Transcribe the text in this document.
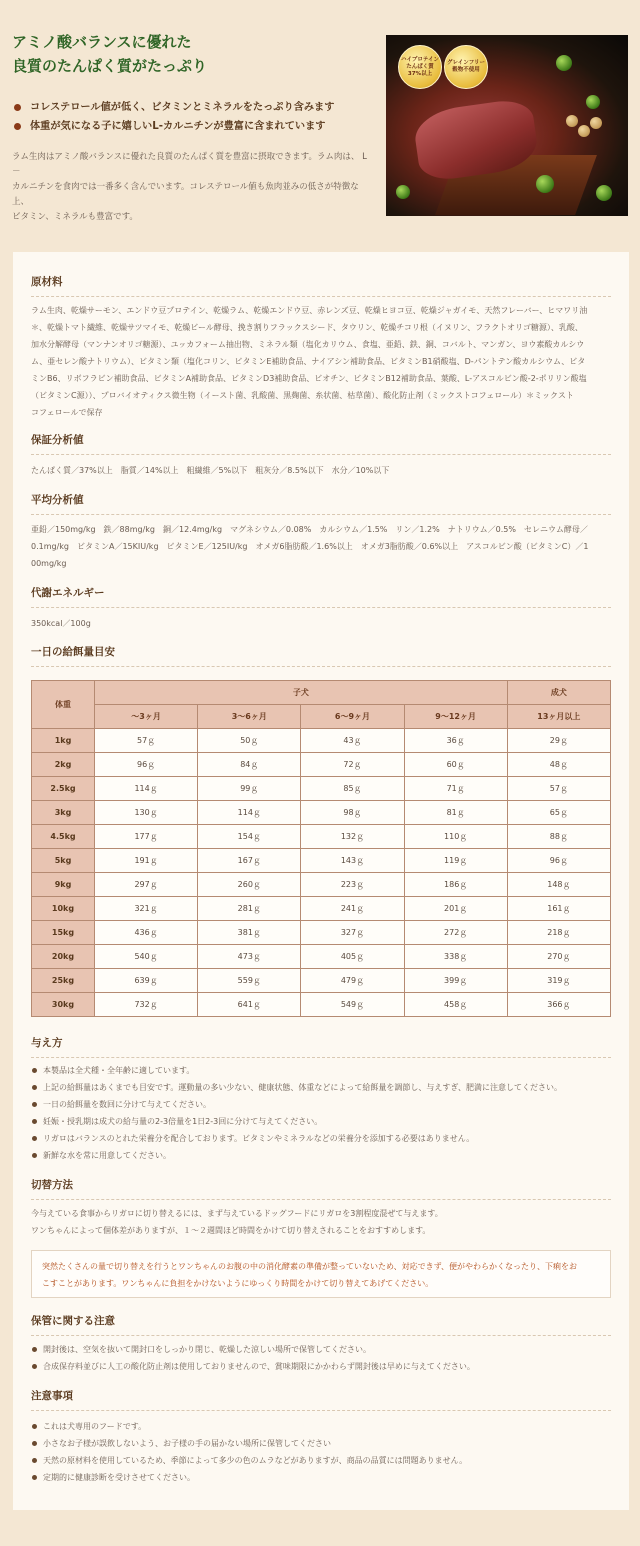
アミノ酸バランスに優れた
良質のたんぱく質がたっぷり
コレステロール値が低く、ビタミンとミネラルをたっぷり含みます
体重が気になる子に嬉しいL-カルニチンが豊富に含まれています
ラム生肉はアミノ酸バランスに優れた良質のたんぱく質を豊富に摂取できます。ラム肉は、 L－
カルニチンを食肉では一番多く含んでいます。コレステロール値も魚肉並みの低さが特徴な上、
ビタミン、ミネラルも豊富です。
ハイプロテイン たんぱく質 37%以上
グレインフリー 穀物不使用
原材料
ラム生肉、乾燥サーモン、エンドウ豆プロテイン、乾燥ラム、乾燥エンドウ豆、赤レンズ豆、乾燥ヒヨコ豆、乾燥ジャガイモ、天然フレーバー、ヒマワリ油
＊、乾燥トマト繊維、乾燥サツマイモ、乾燥ビール酵母、挽き割りフラックスシード、タウリン、乾燥チコリ根（イヌリン、フラクトオリゴ糖源）、乳酸、
加水分解酵母（マンナンオリゴ糖源）、ユッカフォーム抽出物、ミネラル類（塩化カリウム、食塩、亜鉛、鉄、銅、コバルト、マンガン、ヨウ素酸カルシウ
ム、亜セレン酸ナトリウム）、ビタミン類（塩化コリン、ビタミンE補助食品、ナイアシン補助食品、ビタミンB1硝酸塩、D-パントテン酸カルシウム、ビタ
ミンB6、リボフラビン補助食品、ビタミンA補助食品、ビタミンD3補助食品、ビオチン、ビタミンB12補助食品、葉酸、L-アスコルビン酸-2-ポリリン酸塩
（ビタミンC源））、プロバイオティクス微生物（イースト菌、乳酸菌、黒麹菌、糸状菌、枯草菌）、酸化防止剤（ミックストコフェロール）＊ミックスト
コフェロールで保存
保証分析値
たんぱく質／37%以上　脂質／14%以上　粗繊維／5%以下　粗灰分／8.5%以下　水分／10%以下
平均分析値
亜鉛／150mg/kg　鉄／88mg/kg　銅／12.4mg/kg　マグネシウム／0.08%　カルシウム／1.5%　リン／1.2%　ナトリウム／0.5%　セレニウム酵母／
0.1mg/kg　ビタミンA／15KIU/kg　ビタミンE／125IU/kg　オメガ6脂肪酸／1.6%以上　オメガ3脂肪酸／0.6%以上　アスコルビン酸（ビタミンC）／1
00mg/kg
代謝エネルギー
350kcal／100g
一日の給餌量目安
体重	子犬				成犬
	～3ヶ月	3～6ヶ月	6～9ヶ月	9～12ヶ月	13ヶ月以上
1kg	57ｇ	50ｇ	43ｇ	36ｇ	29ｇ
2kg	96ｇ	84ｇ	72ｇ	60ｇ	48ｇ
2.5kg	114ｇ	99ｇ	85ｇ	71ｇ	57ｇ
3kg	130ｇ	114ｇ	98ｇ	81ｇ	65ｇ
4.5kg	177ｇ	154ｇ	132ｇ	110ｇ	88ｇ
5kg	191ｇ	167ｇ	143ｇ	119ｇ	96ｇ
9kg	297ｇ	260ｇ	223ｇ	186ｇ	148ｇ
10kg	321ｇ	281ｇ	241ｇ	201ｇ	161ｇ
15kg	436ｇ	381ｇ	327ｇ	272ｇ	218ｇ
20kg	540ｇ	473ｇ	405ｇ	338ｇ	270ｇ
25kg	639ｇ	559ｇ	479ｇ	399ｇ	319ｇ
30kg	732ｇ	641ｇ	549ｇ	458ｇ	366ｇ
与え方
本製品は全犬種・全年齢に適しています。
上記の給餌量はあくまでも目安です。運動量の多い少ない、健康状態、体重などによって給餌量を調節し、与えすぎ、肥満に注意してください。
一日の給餌量を数回に分けて与えてください。
妊娠・授乳期は成犬の給与量の2-3倍量を1日2-3回に分けて与えてください。
リガロはバランスのとれた栄養分を配合しております。ビタミンやミネラルなどの栄養分を添加する必要はありません。
新鮮な水を常に用意してください。
切替方法
今与えている食事からリガロに切り替えるには、まず与えているドッグフードにリガロを3割程度混ぜて与えます。
ワンちゃんによって個体差がありますが、１～２週間ほど時間をかけて切り替えされることをおすすめします。
突然たくさんの量で切り替えを行うとワンちゃんのお腹の中の消化酵素の準備が整っていないため、対応できず、便がやわらかくなったり、下痢をお
こすことがあります。ワンちゃんに負担をかけないようにゆっくり時間をかけて切り替えてあげてください。
保管に関する注意
開封後は、空気を抜いて開封口をしっかり閉じ、乾燥した涼しい場所で保管してください。
合成保存料並びに人工の酸化防止剤は使用しておりませんので、賞味期限にかかわらず開封後は早めに与えてください。
注意事項
これは犬専用のフードです。
小さなお子様が誤飲しないよう、お子様の手の届かない場所に保管してください
天然の原材料を使用しているため、季節によって多少の色のムラなどがありますが、商品の品質には問題ありません。
定期的に健康診断を受けさせてください。
